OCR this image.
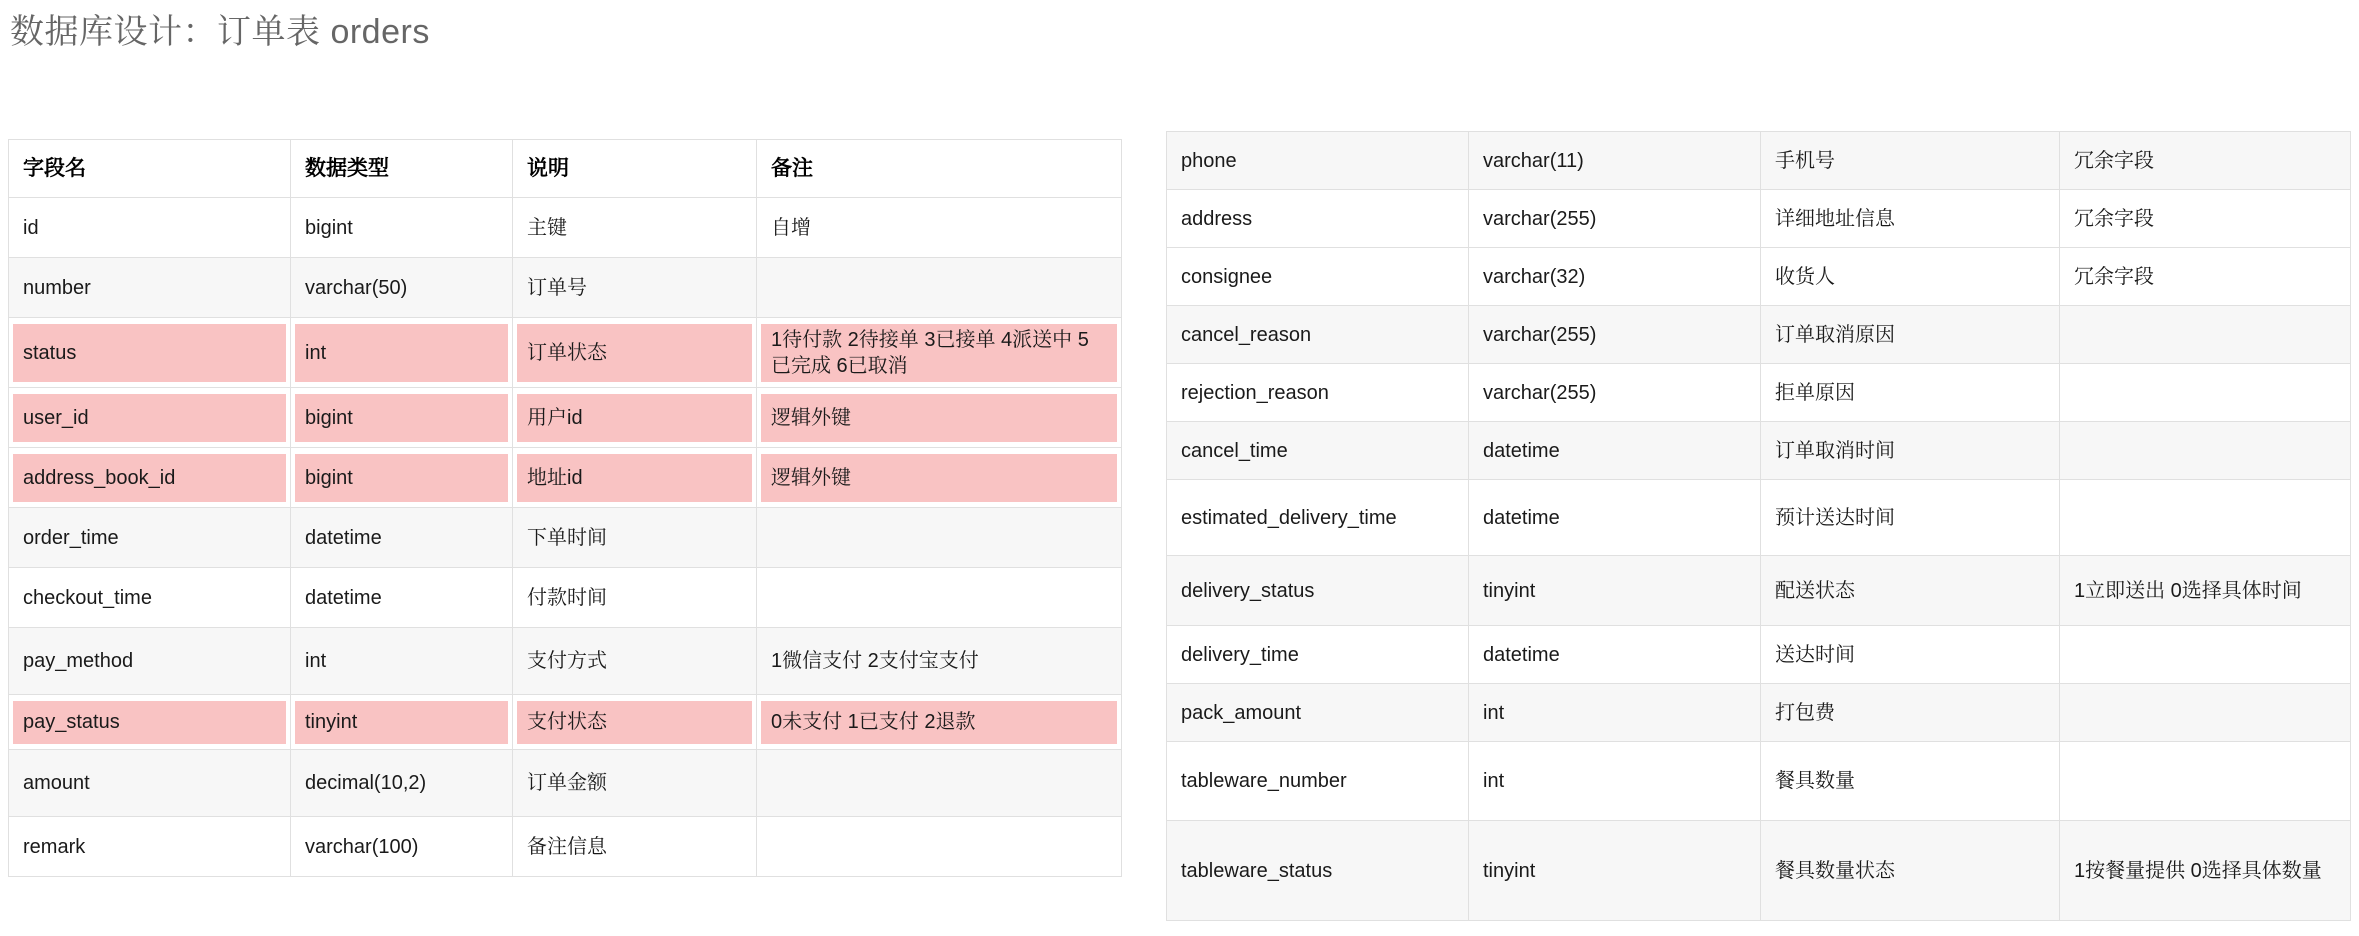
数据库设计：订单表 orders
字段名	数据类型	说明	备注
id	bigint	主键	自增
number	varchar(50)	订单号	
status	int	订单状态	1待付款 2待接单 3已接单 4派送中 5已完成 6已取消
user_id	bigint	用户id	逻辑外键
address_book_id	bigint	地址id	逻辑外键
order_time	datetime	下单时间	
checkout_time	datetime	付款时间	
pay_method	int	支付方式	1微信支付 2支付宝支付
pay_status	tinyint	支付状态	0未支付 1已支付 2退款
amount	decimal(10,2)	订单金额	
remark	varchar(100)	备注信息	
phone	varchar(11)	手机号	冗余字段
address	varchar(255)	详细地址信息	冗余字段
consignee	varchar(32)	收货人	冗余字段
cancel_reason	varchar(255)	订单取消原因	
rejection_reason	varchar(255)	拒单原因	
cancel_time	datetime	订单取消时间	
estimated_delivery_time	datetime	预计送达时间	
delivery_status	tinyint	配送状态	1立即送出 0选择具体时间
delivery_time	datetime	送达时间	
pack_amount	int	打包费	
tableware_number	int	餐具数量	
tableware_status	tinyint	餐具数量状态	1按餐量提供 0选择具体数量
